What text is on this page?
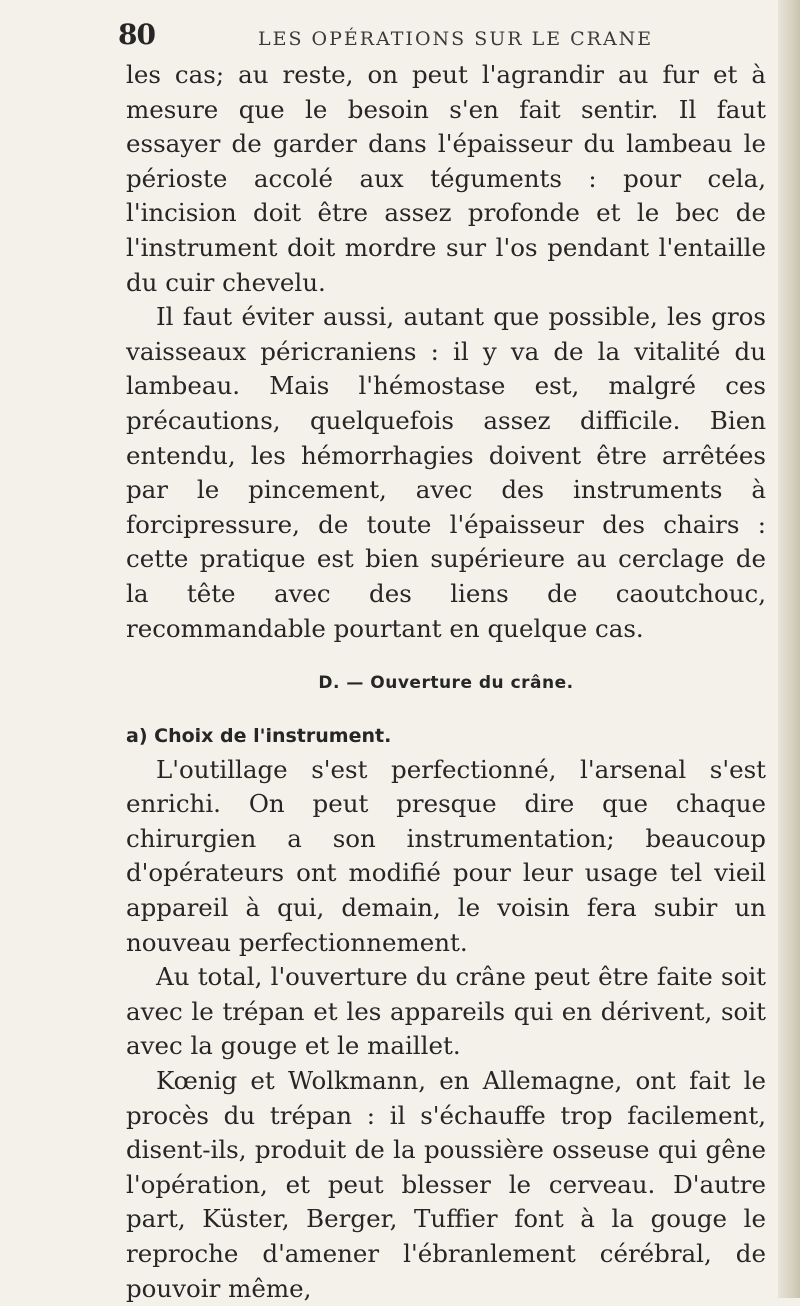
80	LES OPÉRATIONS SUR LE CRANE

les cas; au reste, on peut l'agrandir au fur et à mesure que le besoin s'en fait sentir. Il faut essayer de garder dans l'épaisseur du lambeau le périoste accolé aux téguments : pour cela, l'incision doit être assez profonde et le bec de l'instrument doit mordre sur l'os pendant l'entaille du cuir chevelu.

Il faut éviter aussi, autant que possible, les gros vaisseaux péricraniens : il y va de la vitalité du lambeau. Mais l'hémostase est, malgré ces précautions, quelquefois assez difficile. Bien entendu, les hémorrhagies doivent être arrêtées par le pincement, avec des instruments à forcipressure, de toute l'épaisseur des chairs : cette pratique est bien supérieure au cerclage de la tête avec des liens de caoutchouc, recommandable pourtant en quelque cas.

D. — Ouverture du crâne.

a) Choix de l'instrument.

L'outillage s'est perfectionné, l'arsenal s'est enrichi. On peut presque dire que chaque chirurgien a son instrumentation; beaucoup d'opérateurs ont modifié pour leur usage tel vieil appareil à qui, demain, le voisin fera subir un nouveau perfectionnement.

Au total, l'ouverture du crâne peut être faite soit avec le trépan et les appareils qui en dérivent, soit avec la gouge et le maillet.

Kœnig et Wolkmann, en Allemagne, ont fait le procès du trépan : il s'échauffe trop facilement, disent-ils, produit de la poussière osseuse qui gêne l'opération, et peut blesser le cerveau. D'autre part, Küster, Berger, Tuffier font à la gouge le reproche d'amener l'ébranlement cérébral, de pouvoir même,
